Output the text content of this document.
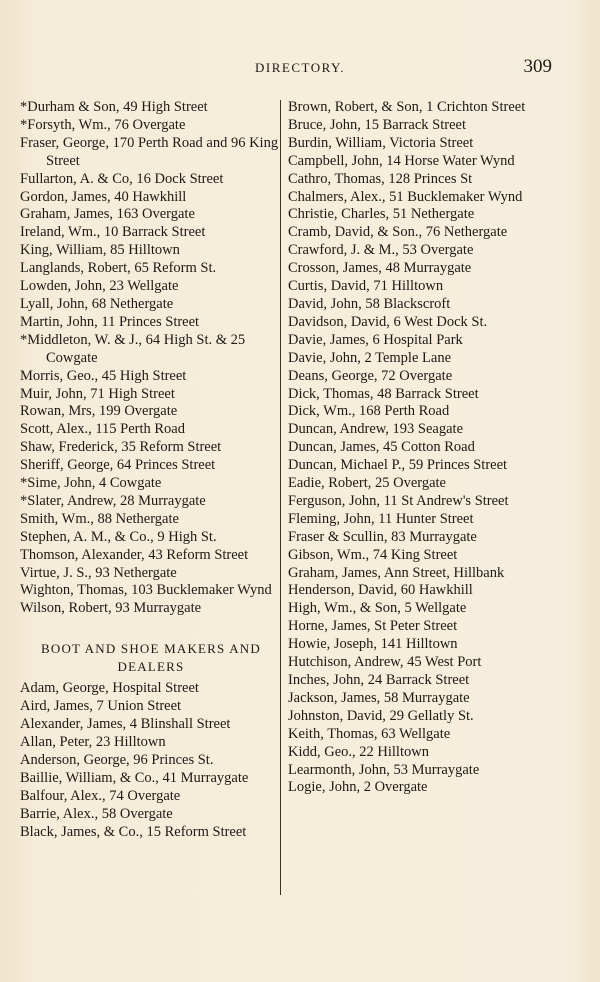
DIRECTORY.	309

*Durham & Son, 49 High Street

*Forsyth, Wm., 76 Overgate

Fraser, George, 170 Perth Road and 96 King Street

Fullarton, A. & Co, 16 Dock Street

Gordon, James, 40 Hawkhill

Graham, James, 163 Overgate

Ireland, Wm., 10 Barrack Street

King, William, 85 Hilltown

Langlands, Robert, 65 Reform St.

Lowden, John, 23 Wellgate

Lyall, John, 68 Nethergate

Martin, John, 11 Princes Street

*Middleton, W. & J., 64 High St. & 25 Cowgate

Morris, Geo., 45 High Street

Muir, John, 71 High Street

Rowan, Mrs, 199 Overgate

Scott, Alex., 115 Perth Road

Shaw, Frederick, 35 Reform Street

Sheriff, George, 64 Princes Street

*Sime, John, 4 Cowgate

*Slater, Andrew, 28 Murraygate

Smith, Wm., 88 Nethergate

Stephen, A. M., & Co., 9 High St.

Thomson, Alexander, 43 Reform Street

Virtue, J. S., 93 Nethergate

Wighton, Thomas, 103 Bucklemaker Wynd

Wilson, Robert, 93 Murraygate

BOOT AND SHOE MAKERS AND DEALERS

Adam, George, Hospital Street

Aird, James, 7 Union Street

Alexander, James, 4 Blinshall Street

Allan, Peter, 23 Hilltown

Anderson, George, 96 Princes St.

Baillie, William, & Co., 41 Murraygate

Balfour, Alex., 74 Overgate

Barrie, Alex., 58 Overgate

Black, James, & Co., 15 Reform Street

Brown, Robert, & Son, 1 Crichton Street

Bruce, John, 15 Barrack Street

Burdin, William, Victoria Street

Campbell, John, 14 Horse Water Wynd

Cathro, Thomas, 128 Princes St

Chalmers, Alex., 51 Bucklemaker Wynd

Christie, Charles, 51 Nethergate

Cramb, David, & Son., 76 Nethergate

Crawford, J. & M., 53 Overgate

Crosson, James, 48 Murraygate

Curtis, David, 71 Hilltown

David, John, 58 Blackscroft

Davidson, David, 6 West Dock St.

Davie, James, 6 Hospital Park

Davie, John, 2 Temple Lane

Deans, George, 72 Overgate

Dick, Thomas, 48 Barrack Street

Dick, Wm., 168 Perth Road

Duncan, Andrew, 193 Seagate

Duncan, James, 45 Cotton Road

Duncan, Michael P., 59 Princes Street

Eadie, Robert, 25 Overgate

Ferguson, John, 11 St Andrew's Street

Fleming, John, 11 Hunter Street

Fraser & Scullin, 83 Murraygate

Gibson, Wm., 74 King Street

Graham, James, Ann Street, Hillbank

Henderson, David, 60 Hawkhill

High, Wm., & Son, 5 Wellgate

Horne, James, St Peter Street

Howie, Joseph, 141 Hilltown

Hutchison, Andrew, 45 West Port

Inches, John, 24 Barrack Street

Jackson, James, 58 Murraygate

Johnston, David, 29 Gellatly St.

Keith, Thomas, 63 Wellgate

Kidd, Geo., 22 Hilltown

Learmonth, John, 53 Murraygate

Logie, John, 2 Overgate
